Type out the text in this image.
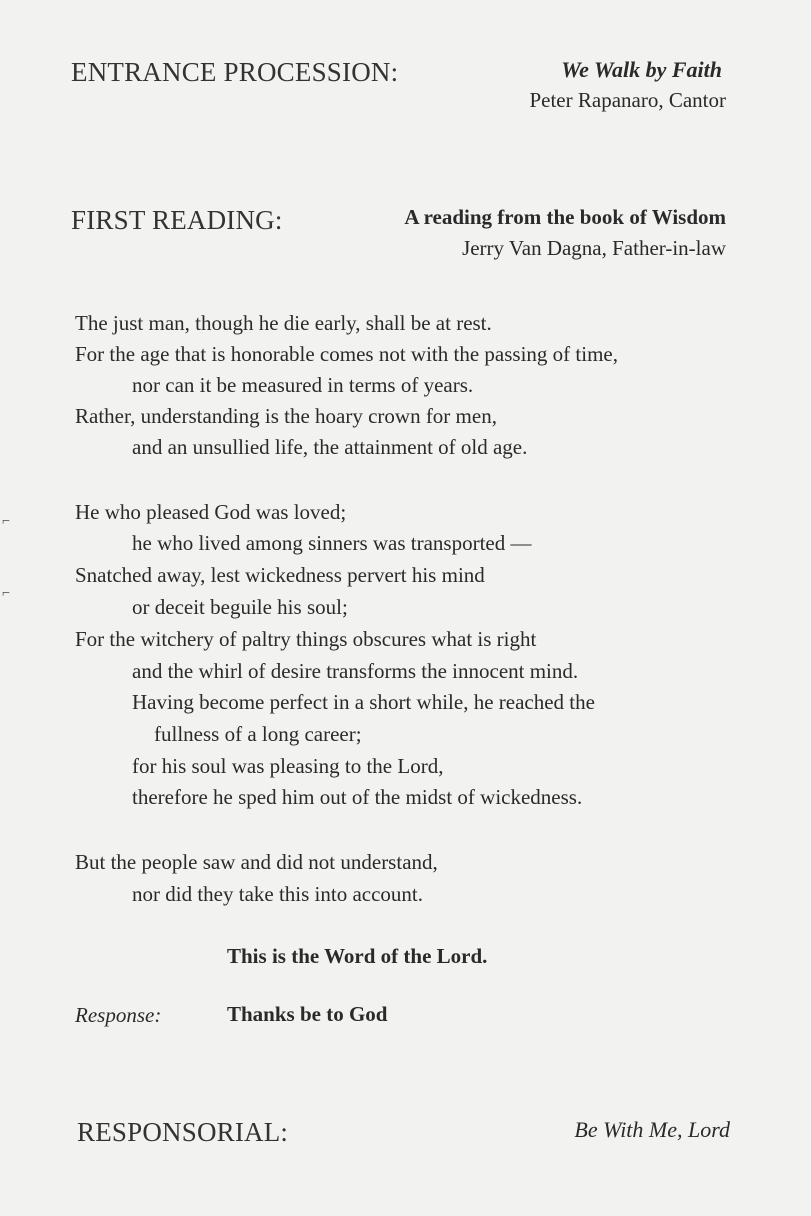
ENTRANCE PROCESSION:	We Walk by Faith
Peter Rapanaro, Cantor
FIRST READING:	A reading from the book of Wisdom
Jerry Van Dagna, Father-in-law
The just man, though he die early, shall be at rest.
For the age that is honorable comes not with the passing of time,
nor can it be measured in terms of years.
Rather, understanding is the hoary crown for men,
and an unsullied life, the attainment of old age.
He who pleased God was loved;
he who lived among sinners was transported —
Snatched away, lest wickedness pervert his mind
or deceit beguile his soul;
For the witchery of paltry things obscures what is right
and the whirl of desire transforms the innocent mind.
Having become perfect in a short while, he reached the
fullness of a long career;
for his soul was pleasing to the Lord,
therefore he sped him out of the midst of wickedness.
But the people saw and did not understand,
nor did they take this into account.
This is the Word of the Lord.
Response:	Thanks be to God
RESPONSORIAL:	Be With Me, Lord
⌐
⌐
